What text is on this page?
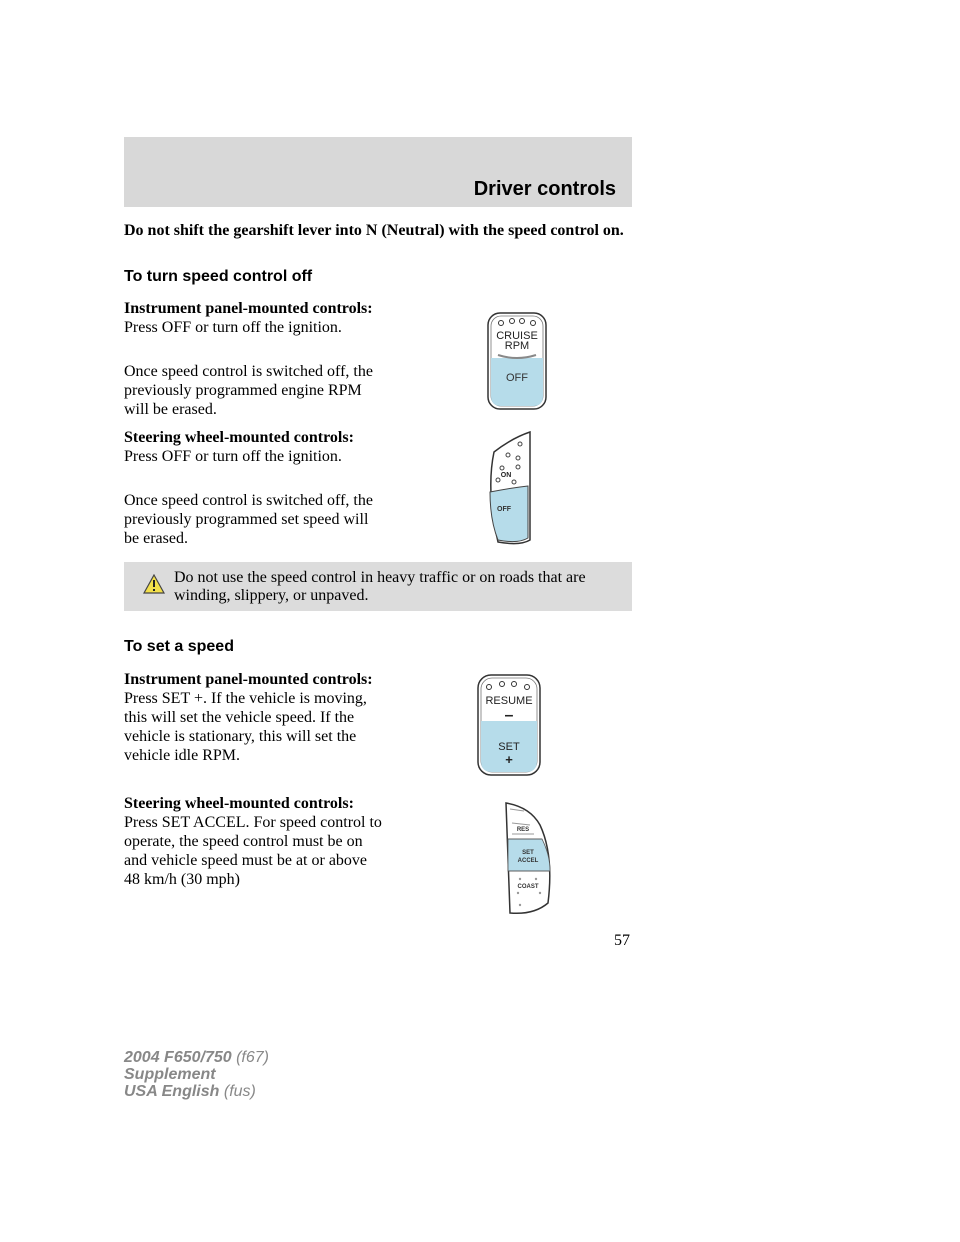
Driver controls

Do not shift the gearshift lever into N (Neutral) with the speed control on.

To turn speed control off

Instrument panel-mounted controls: Press OFF or turn off the ignition.

Once speed control is switched off, the previously programmed engine RPM will be erased.

Steering wheel-mounted controls: Press OFF or turn off the ignition.

Once speed control is switched off, the previously programmed set speed will be erased.

CRUISE
RPM
OFF
ON
OFF

Do not use the speed control in heavy traffic or on roads that are winding, slippery, or unpaved.

To set a speed

Instrument panel-mounted controls: Press SET +. If the vehicle is moving, this will set the vehicle speed. If the vehicle is stationary, this will set the vehicle idle RPM.

Steering wheel-mounted controls: Press SET ACCEL. For speed control to operate, the speed control must be on and vehicle speed must be at or above 48 km/h (30 mph)

RESUME
–
SET
+
RES
SET
ACCEL
COAST
57
2004 F650/750 (f67)
Supplement
USA English (fus)
